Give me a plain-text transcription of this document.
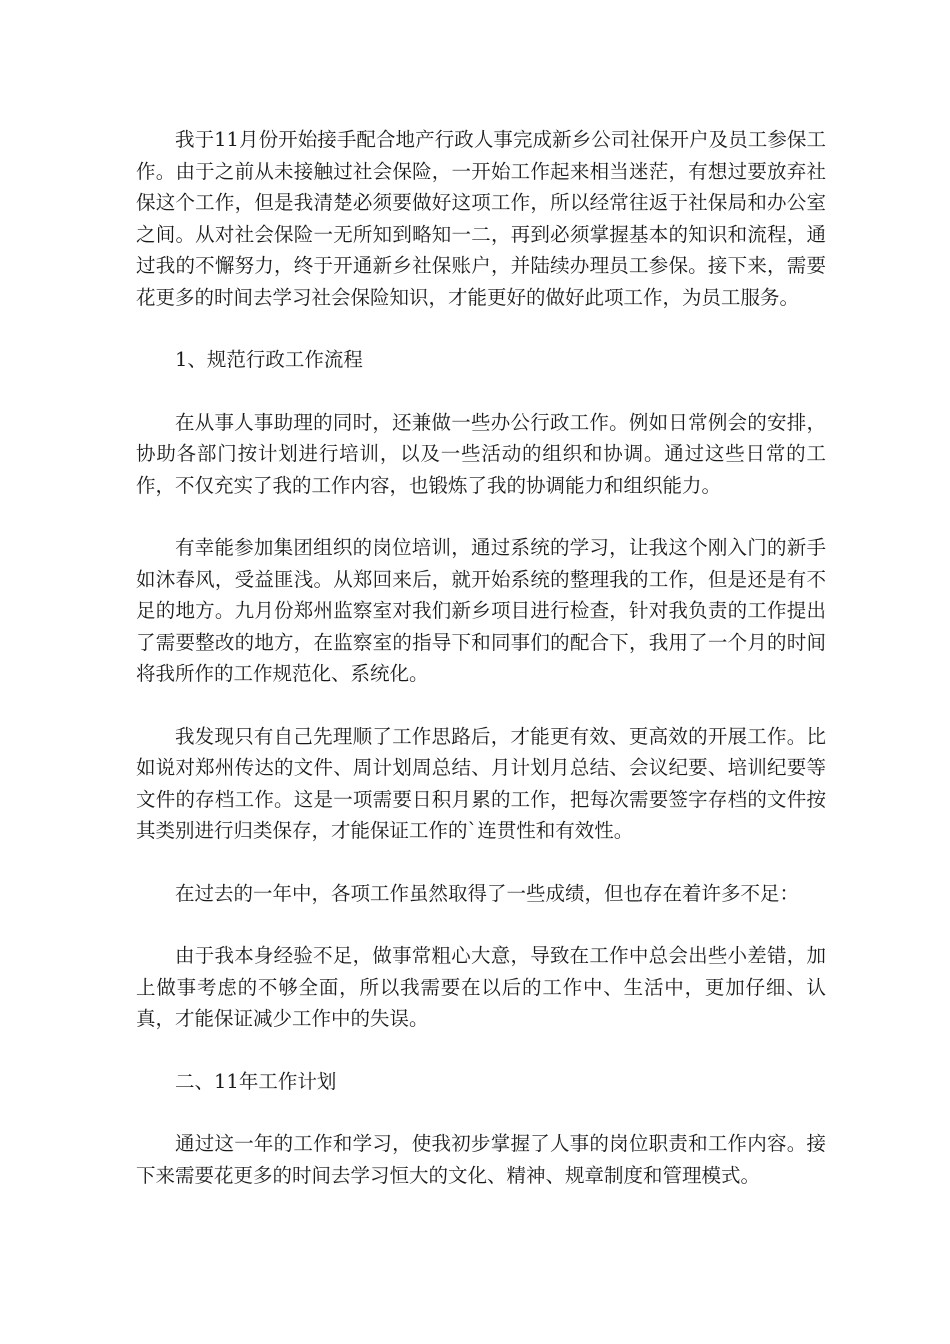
我于11月份开始接手配合地产行政人事完成新乡公司社保开户及员工参保工作。由于之前从未接触过社会保险，一开始工作起来相当迷茫，有想过要放弃社保这个工作，但是我清楚必须要做好这项工作，所以经常往返于社保局和办公室之间。从对社会保险一无所知到略知一二，再到必须掌握基本的知识和流程，通过我的不懈努力，终于开通新乡社保账户，并陆续办理员工参保。接下来，需要花更多的时间去学习社会保险知识，才能更好的做好此项工作，为员工服务。

1、规范行政工作流程

在从事人事助理的同时，还兼做一些办公行政工作。例如日常例会的安排，协助各部门按计划进行培训，以及一些活动的组织和协调。通过这些日常的工作，不仅充实了我的工作内容，也锻炼了我的协调能力和组织能力。

有幸能参加集团组织的岗位培训，通过系统的学习，让我这个刚入门的新手如沐春风，受益匪浅。从郑回来后，就开始系统的整理我的工作，但是还是有不足的地方。九月份郑州监察室对我们新乡项目进行检查，针对我负责的工作提出了需要整改的地方，在监察室的指导下和同事们的配合下，我用了一个月的时间将我所作的工作规范化、系统化。

我发现只有自己先理顺了工作思路后，才能更有效、更高效的开展工作。比如说对郑州传达的文件、周计划周总结、月计划月总结、会议纪要、培训纪要等文件的存档工作。这是一项需要日积月累的工作，把每次需要签字存档的文件按其类别进行归类保存，才能保证工作的`连贯性和有效性。

在过去的一年中，各项工作虽然取得了一些成绩，但也存在着许多不足：

由于我本身经验不足，做事常粗心大意，导致在工作中总会出些小差错，加上做事考虑的不够全面，所以我需要在以后的工作中、生活中，更加仔细、认真，才能保证减少工作中的失误。

二、11年工作计划

通过这一年的工作和学习，使我初步掌握了人事的岗位职责和工作内容。接下来需要花更多的时间去学习恒大的文化、精神、规章制度和管理模式。
